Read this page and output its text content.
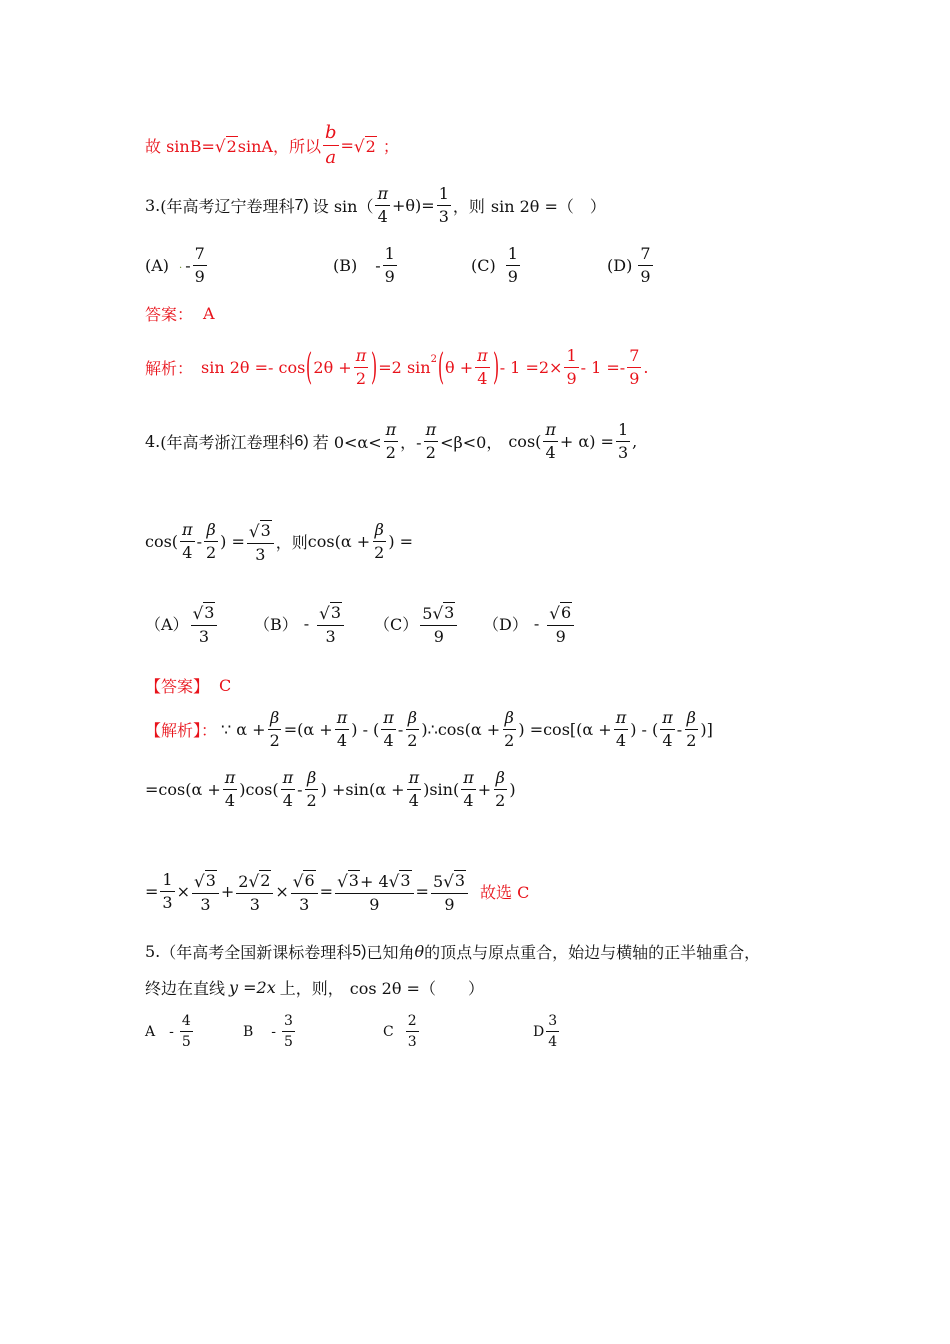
故 sinB= √ 2 sinA，所以 $\frac{b}{a}$ = √ 2 ；
3. (年高考辽宁卷理科 7) 设 $\sin( \frac{\pi}{4} +\theta)= \frac{1}{3}$ ，则 sin 2θ =（　）
(A) . - $\frac{7}{9}$	$(B) - \frac{1}{9}$	$(C) \frac{1}{9}$	$(D) \frac{7}{9}$
答案： A
解析： sin 2θ =- cos ( $2\theta + \frac{\pi}{2}$ ) =2 $\sin^2$ ( $\theta + \frac{\pi}{4}$ ) - $1 =2\times \frac{1}{9} - 1 =- \frac{7}{9}$ .
4. (年高考浙江卷理科 6) 若 $0<\alpha< \frac{\pi}{2}$ ，- $\frac{\pi}{2} <\beta<0$， $\cos( \frac{\pi}{4} + \alpha) = \frac{1}{3}$ ,
$\cos( \frac{\pi}{4} - \frac{\beta}{2}$ ) = $\frac{√ 3}{3}$ ，则 $\cos(\alpha + \frac{\beta}{2}$ ) =
$(A) \frac{√ 3}{3} (B) - \frac{√ 3}{3} (C) \frac{5 √ 3}{9} (D) - \frac{√ 6}{9}$
【答案】 C
【解析】： ∵ $\alpha + \frac{\beta}{2} =(\alpha + \frac{\pi}{4}$ ) - ( $\frac{\pi}{4} - \frac{\beta}{2}$ )∴cos(α + $\frac{\beta}{2}$ ) $=\cos[(\alpha + \frac{\pi}{4}$ ) - ( $\frac{\pi}{4} - \frac{\beta}{2}$ )]
$=\cos(\alpha + \frac{\pi}{4} )\cos( \frac{\pi}{4} - \frac{\beta}{2}$ ) $+\sin(\alpha + \frac{\pi}{4} )\sin( \frac{\pi}{4} + \frac{\beta}{2}$ )
= $\frac{1}{3} \times \frac{√ 3}{3} + \frac{2 √ 2}{3} \times \frac{√ 6}{3} = \frac{√ 3 + 4 √ 3}{9} = \frac{5 √ 3}{9}$ 故选 C
5. （年高考全国新课标卷理科 5) 已知角 θ 的顶点与原点重合，始边与横轴的正半轴重合，
终边在直线 y =2x 上，则， cos 2θ =（　　）
A - $\frac{4}{5}$	B - $\frac{3}{5}$	C $\frac{2}{3}$	D $\frac{3}{4}$
